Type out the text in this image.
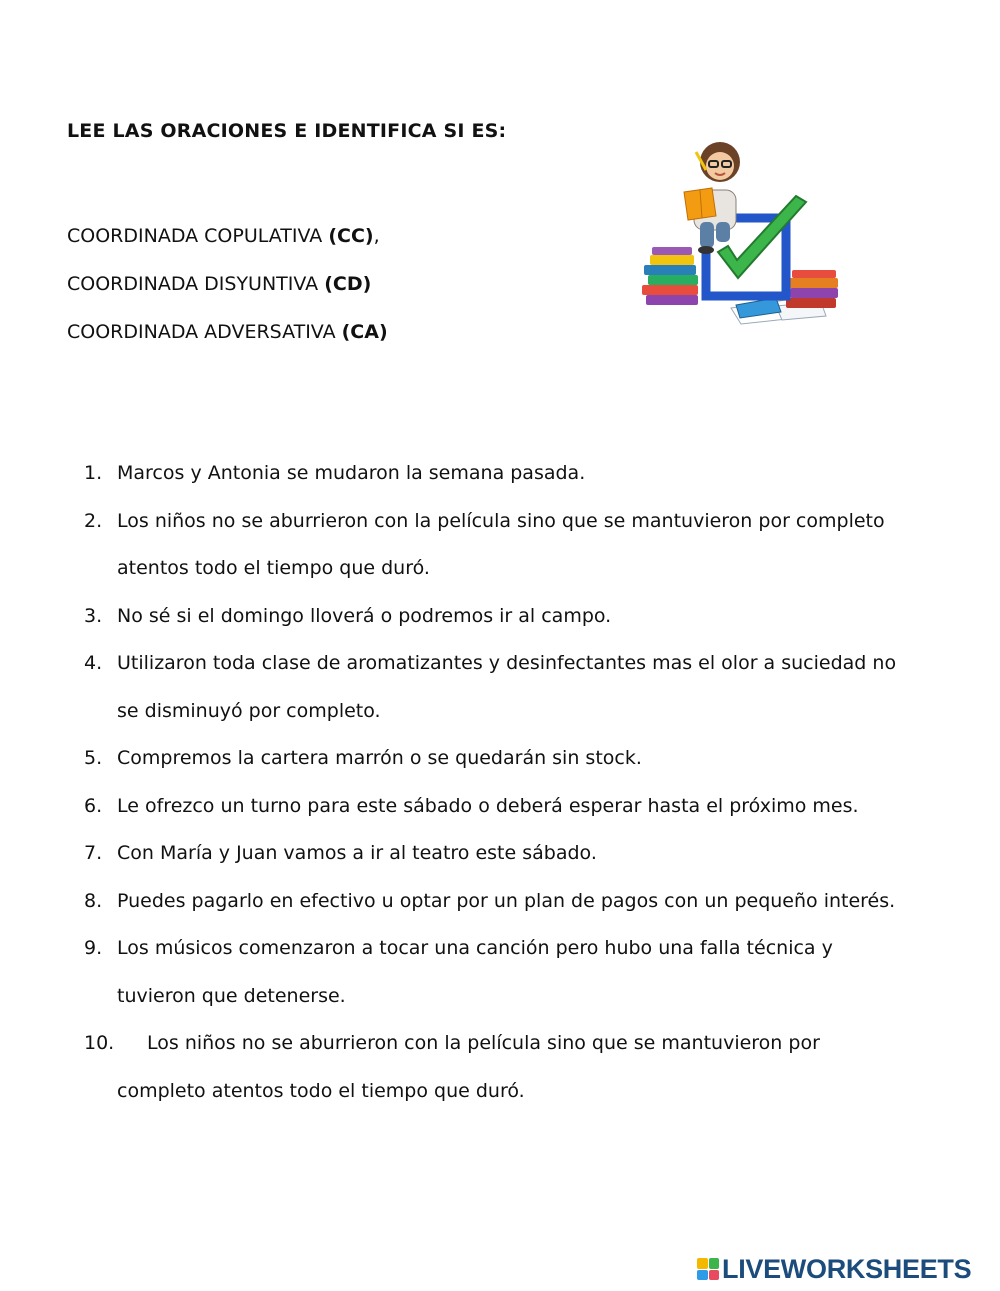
LEE LAS ORACIONES E IDENTIFICA SI ES:
COORDINADA COPULATIVA (CC),
COORDINADA DISYUNTIVA (CD)
COORDINADA ADVERSATIVA (CA)
1. Marcos y Antonia se mudaron la semana pasada.
2. Los niños no se aburrieron con la película sino que se mantuvieron por completo atentos todo el tiempo que duró.
3. No sé si el domingo lloverá o podremos ir al campo.
4. Utilizaron toda clase de aromatizantes y desinfectantes mas el olor a suciedad no se disminuyó por completo.
5. Compremos la cartera marrón o se quedarán sin stock.
6. Le ofrezco un turno para este sábado o deberá esperar hasta el próximo mes.
7. Con María y Juan vamos a ir al teatro este sábado.
8. Puedes pagarlo en efectivo u optar por un plan de pagos con un pequeño interés.
9. Los músicos comenzaron a tocar una canción pero hubo una falla técnica y tuvieron que detenerse.
10. Los niños no se aburrieron con la película sino que se mantuvieron por
completo atentos todo el tiempo que duró.
LIVEWORKSHEETS
